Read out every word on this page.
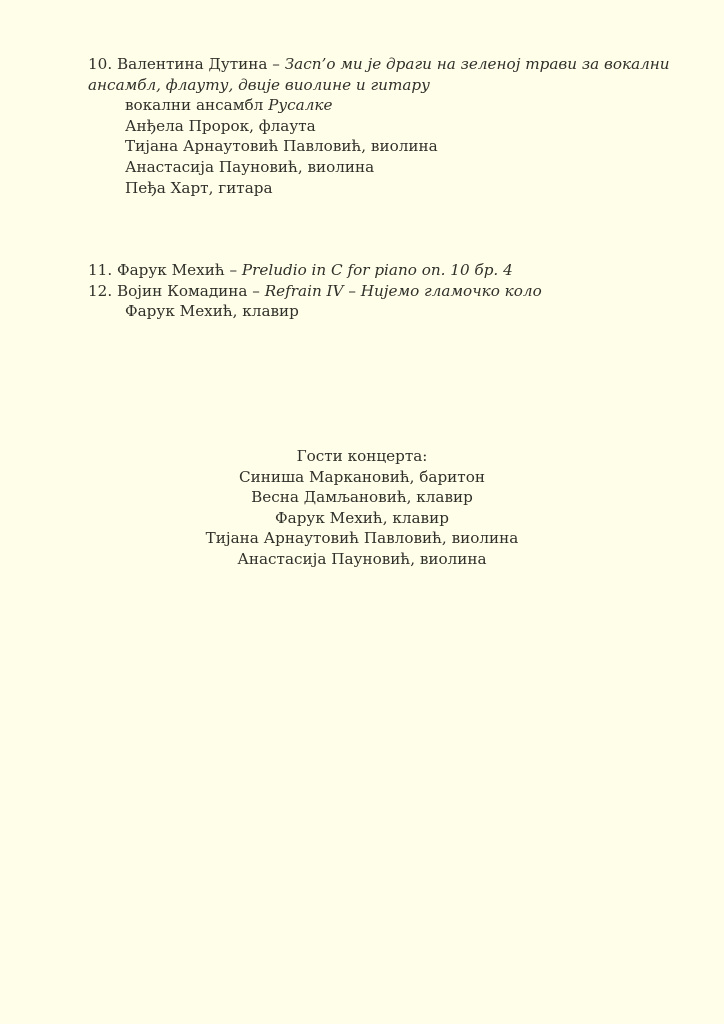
10. Валентина Дутина – Засп’о ми је драги на зеленој трави за вокални
ансамбл, флауту, двије виолине и гитару
вокални ансамбл Русалке
Анђела Пророк, флаута
Тијана Арнаутовић Павловић, виолина
Анастасија Пауновић, виолина
Пеђа Харт, гитара
11. Фарук Мехић – Preludio in C for piano оп. 10 бр. 4
12. Војин Комадина – Refrain IV – Нијемо гламочко коло
Фарук Мехић, клавир
Гости концерта:
Синиша Маркановић, баритон
Весна Дамљановић, клавир
Фарук Мехић, клавир
Тијана Арнаутовић Павловић, виолина
Анастасија Пауновић, виолина
